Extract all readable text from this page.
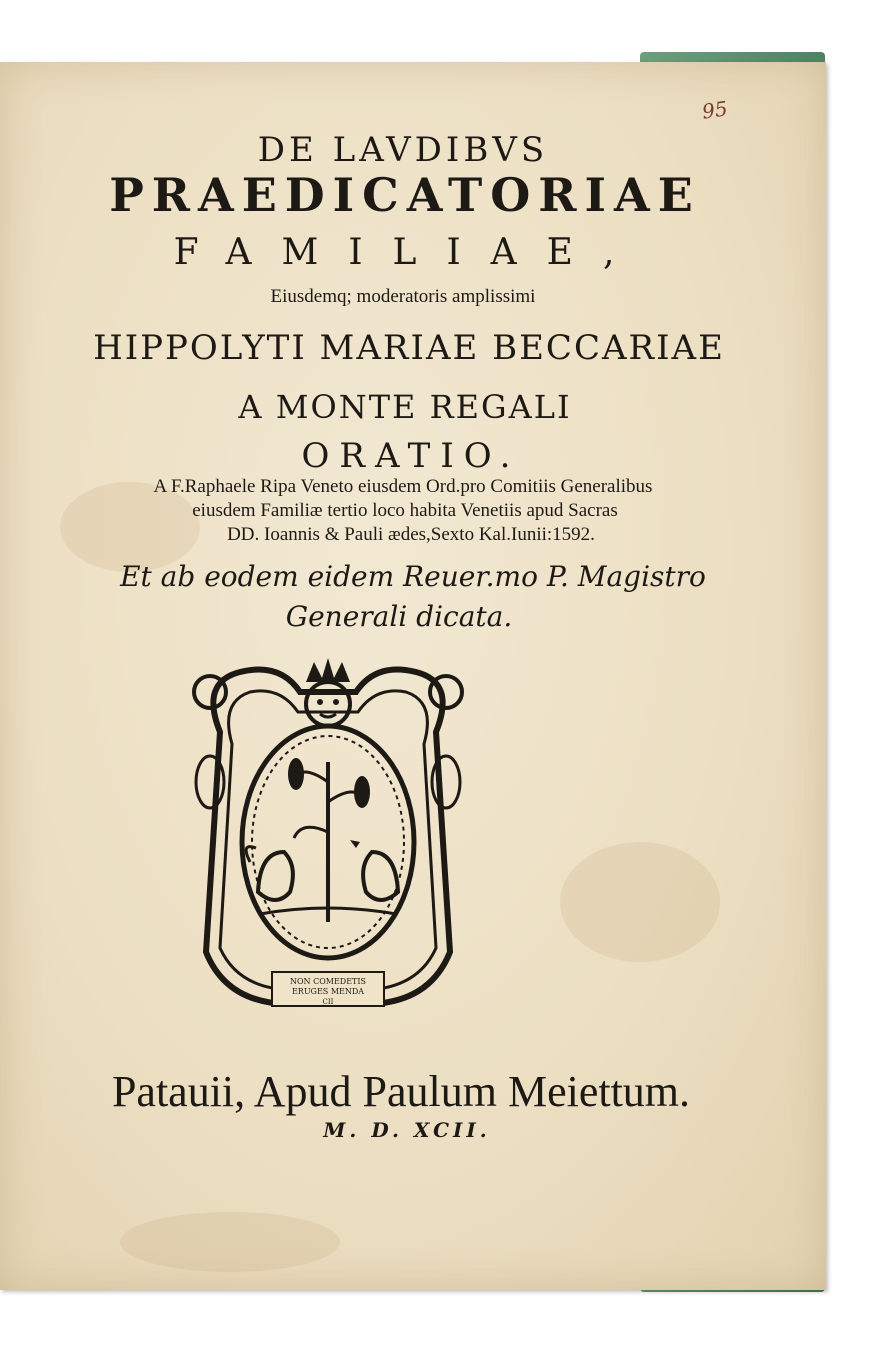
95

DE LAVDIBVS

PRAEDICATORIAE

FAMILIAE,

Eiusdemq; moderatoris amplissimi

HIPPOLYTI MARIAE BECCARIAE

A MONTE REGALI

ORATIO.

A F.Raphaele Ripa Veneto eiusdem Ord.pro Comitiis Generalibus

eiusdem Familiæ tertio loco habita Venetiis apud Sacras

DD. Ioannis & Pauli ædes,Sexto Kal.Iunii:1592.

Et ab eodem eidem Reuer.mo P. Magistro

Generali dicata.

NON COMEDETIS
ERUGES MENDA
CII

Patauii, Apud Paulum Meiettum.

M. D. XCII.
